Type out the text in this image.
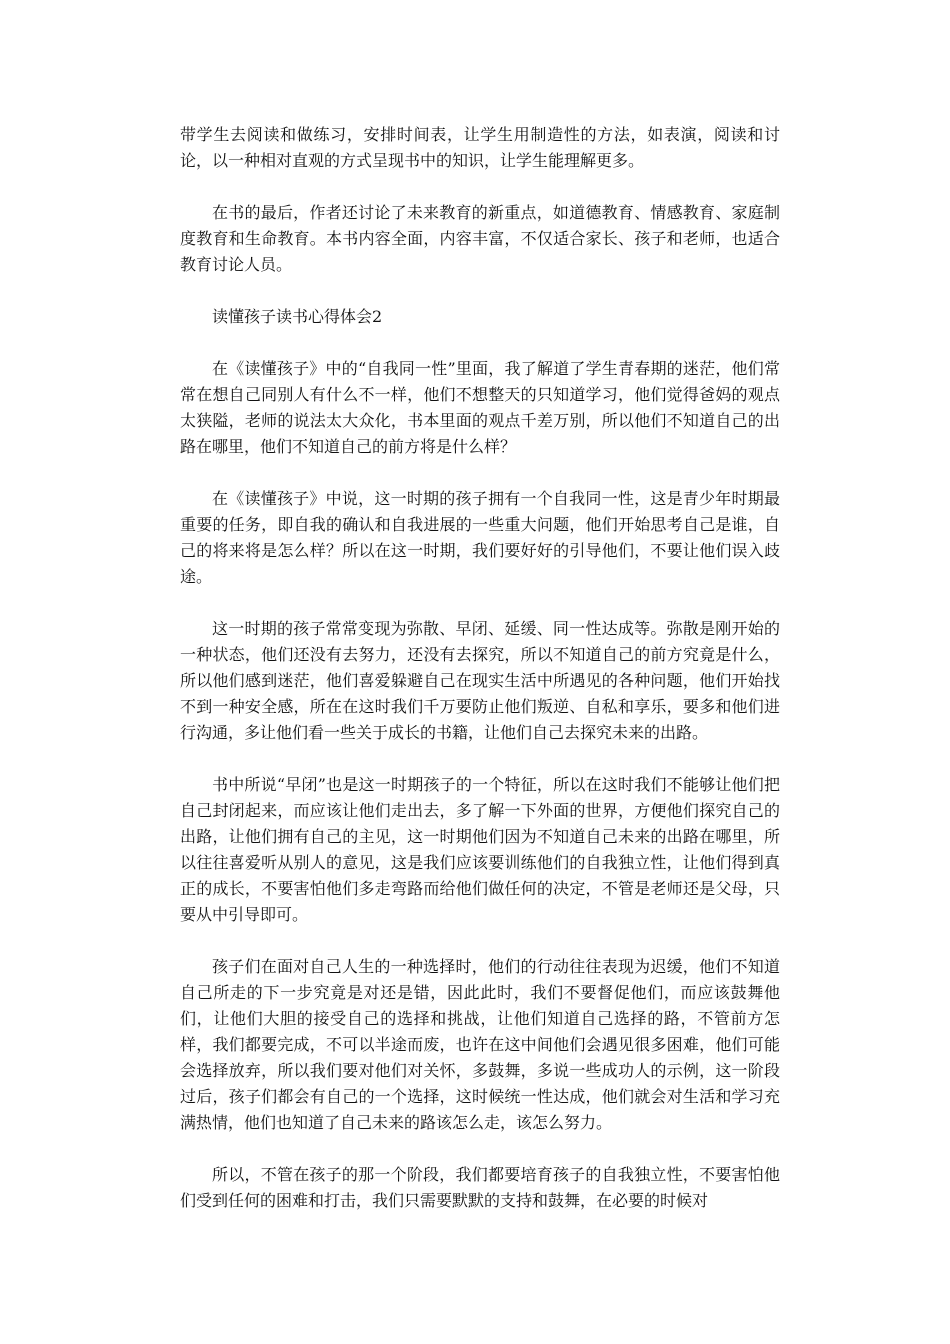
带学生去阅读和做练习，安排时间表，让学生用制造性的方法，如表演，阅读和讨论，以一种相对直观的方式呈现书中的知识，让学生能理解更多。

在书的最后，作者还讨论了未来教育的新重点，如道德教育、情感教育、家庭制度教育和生命教育。本书内容全面，内容丰富，不仅适合家长、孩子和老师，也适合教育讨论人员。

读懂孩子读书心得体会2

在《读懂孩子》中的“自我同一性”里面，我了解道了学生青春期的迷茫，他们常常在想自己同别人有什么不一样，他们不想整天的只知道学习，他们觉得爸妈的观点太狭隘，老师的说法太大众化，书本里面的观点千差万别，所以他们不知道自己的出路在哪里，他们不知道自己的前方将是什么样？

在《读懂孩子》中说，这一时期的孩子拥有一个自我同一性，这是青少年时期最重要的任务，即自我的确认和自我进展的一些重大问题，他们开始思考自己是谁，自己的将来将是怎么样？所以在这一时期，我们要好好的引导他们，不要让他们误入歧途。

这一时期的孩子常常变现为弥散、早闭、延缓、同一性达成等。弥散是刚开始的一种状态，他们还没有去努力，还没有去探究，所以不知道自己的前方究竟是什么，所以他们感到迷茫，他们喜爱躲避自己在现实生活中所遇见的各种问题，他们开始找不到一种安全感，所在在这时我们千万要防止他们叛逆、自私和享乐，要多和他们进行沟通，多让他们看一些关于成长的书籍，让他们自己去探究未来的出路。

书中所说“早闭”也是这一时期孩子的一个特征，所以在这时我们不能够让他们把自己封闭起来，而应该让他们走出去，多了解一下外面的世界，方便他们探究自己的出路，让他们拥有自己的主见，这一时期他们因为不知道自己未来的出路在哪里，所以往往喜爱听从别人的意见，这是我们应该要训练他们的自我独立性，让他们得到真正的成长，不要害怕他们多走弯路而给他们做任何的决定，不管是老师还是父母，只要从中引导即可。

孩子们在面对自己人生的一种选择时，他们的行动往往表现为迟缓，他们不知道自己所走的下一步究竟是对还是错，因此此时，我们不要督促他们，而应该鼓舞他们，让他们大胆的接受自己的选择和挑战，让他们知道自己选择的路，不管前方怎样，我们都要完成，不可以半途而废，也许在这中间他们会遇见很多困难，他们可能会选择放弃，所以我们要对他们对关怀，多鼓舞，多说一些成功人的示例，这一阶段过后，孩子们都会有自己的一个选择，这时候统一性达成，他们就会对生活和学习充满热情，他们也知道了自己未来的路该怎么走，该怎么努力。

所以，不管在孩子的那一个阶段，我们都要培育孩子的自我独立性，不要害怕他们受到任何的困难和打击，我们只需要默默的支持和鼓舞，在必要的时候对
